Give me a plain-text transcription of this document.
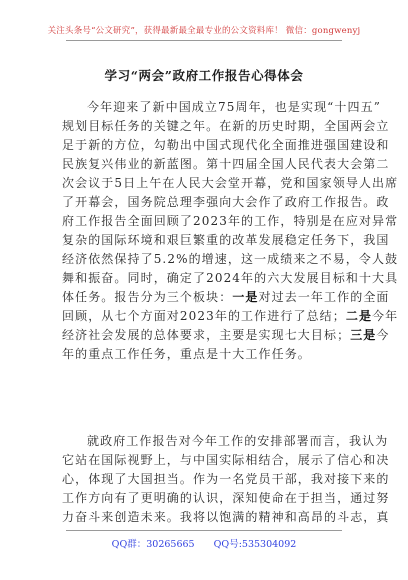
关注头条号“公文研究”，获得最新最全最专业的公文资料库！ 微信：gongwenyj
学习“两会”政府工作报告心得体会
今年迎来了新中国成立75周年，也是实现“十四五”
规划目标任务的关键之年。在新的历史时期，全国两会立
足于新的方位，勾勒出中国式现代化全面推进强国建设和
民族复兴伟业的新蓝图。第十四届全国人民代表大会第二
次会议于5日上午在人民大会堂开幕，党和国家领导人出席
了开幕会，国务院总理李强向大会作了政府工作报告。政
府工作报告全面回顾了2023年的工作，特别是在应对异常
复杂的国际环境和艰巨繁重的改革发展稳定任务下，我国
经济依然保持了5.2%的增速，这一成绩来之不易，令人鼓
舞和振奋。同时，确定了2024年的六大发展目标和十大具
体任务。报告分为三个板块：一是对过去一年工作的全面
回顾，从七个方面对2023年的工作进行了总结；二是今年
经济社会发展的总体要求，主要是实现七大目标；三是今
年的重点工作任务，重点是十大工作任务。
就政府工作报告对今年工作的安排部署而言，我认为
它站在国际视野上，与中国实际相结合，展示了信心和决
心，体现了大国担当。作为一名党员干部，我对接下来的
工作方向有了更明确的认识，深知使命在于担当，通过努
力奋斗来创造未来。我将以饱满的精神和高昂的斗志，真
QQ群：30265665 QQ号:535304092
